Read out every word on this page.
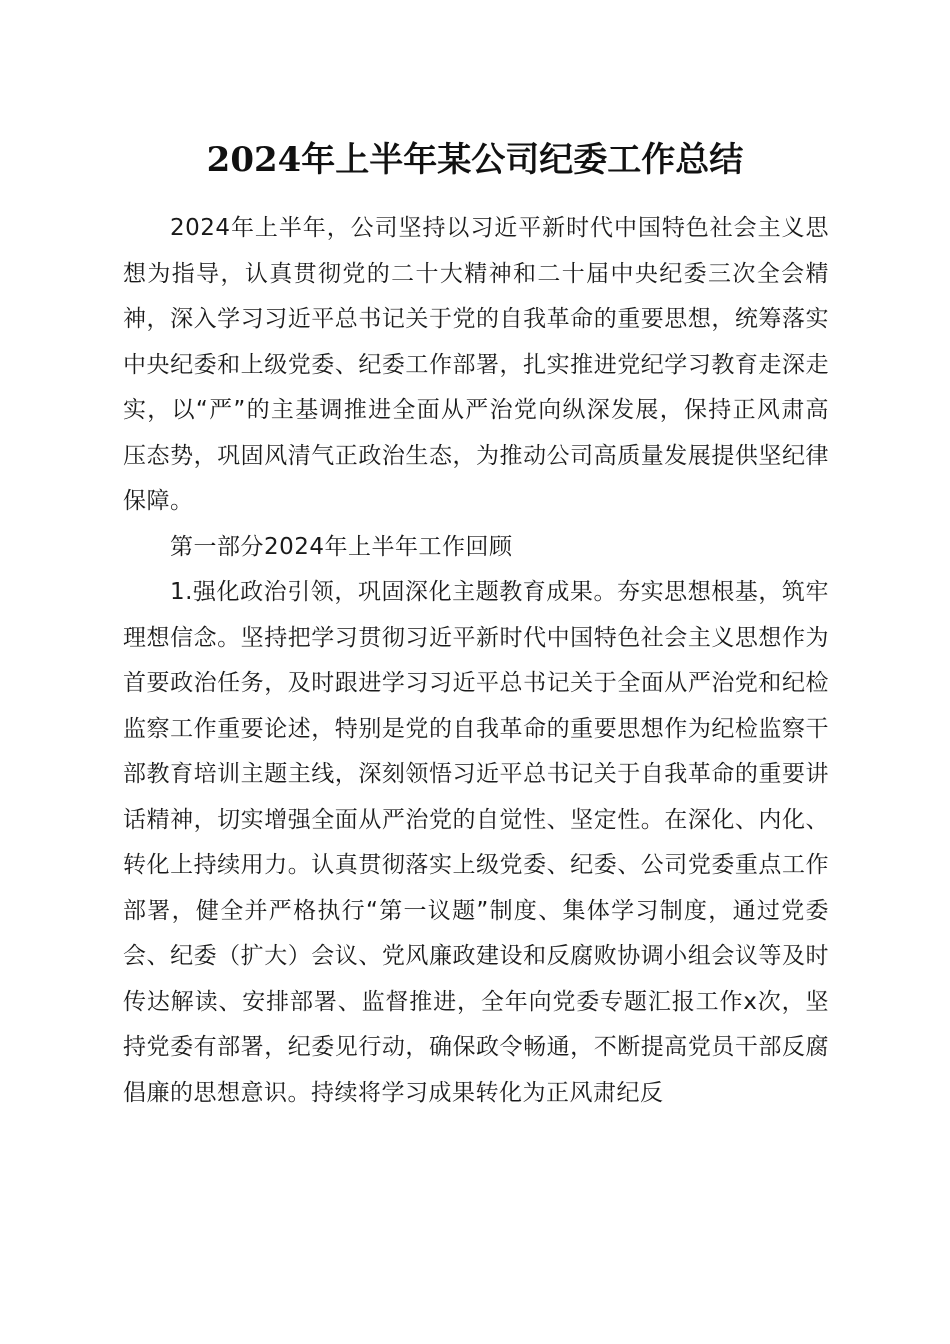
2024年上半年某公司纪委工作总结

2024年上半年，公司坚持以习近平新时代中国特色社会主义思想为指导，认真贯彻党的二十大精神和二十届中央纪委三次全会精神，深入学习习近平总书记关于党的自我革命的重要思想，统筹落实中央纪委和上级党委、纪委工作部署，扎实推进党纪学习教育走深走实，以“严”的主基调推进全面从严治党向纵深发展，保持正风肃高压态势，巩固风清气正政治生态，为推动公司高质量发展提供坚纪律保障。

第一部分2024年上半年工作回顾

1.强化政治引领，巩固深化主题教育成果。夯实思想根基，筑牢理想信念。坚持把学习贯彻习近平新时代中国特色社会主义思想作为首要政治任务，及时跟进学习习近平总书记关于全面从严治党和纪检监察工作重要论述，特别是党的自我革命的重要思想作为纪检监察干部教育培训主题主线，深刻领悟习近平总书记关于自我革命的重要讲话精神，切实增强全面从严治党的自觉性、坚定性。在深化、内化、转化上持续用力。认真贯彻落实上级党委、纪委、公司党委重点工作部署，健全并严格执行“第一议题”制度、集体学习制度，通过党委会、纪委（扩大）会议、党风廉政建设和反腐败协调小组会议等及时传达解读、安排部署、监督推进，全年向党委专题汇报工作x次，坚持党委有部署，纪委见行动，确保政令畅通，不断提高党员干部反腐倡廉的思想意识。持续将学习成果转化为正风肃纪反
